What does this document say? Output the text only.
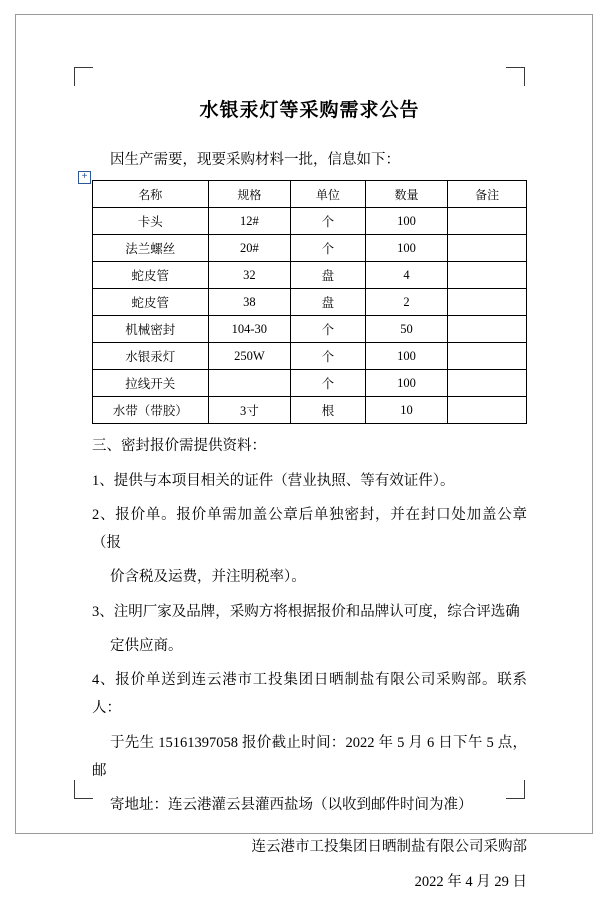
水银汞灯等采购需求公告

因生产需要，现要采购材料一批，信息如下：

+
名称	规格	单位	数量	备注
卡头	12#	个	100	
法兰螺丝	20#	个	100	
蛇皮管	32	盘	4	
蛇皮管	38	盘	2	
机械密封	104-30	个	50	
水银汞灯	250W	个	100	
拉线开关		个	100	
水带（带胶）	3寸	根	10	

三、密封报价需提供资料：

1、提供与本项目相关的证件（营业执照、等有效证件）。

2、报价单。报价单需加盖公章后单独密封，并在封口处加盖公章（报

价含税及运费，并注明税率）。

3、注明厂家及品牌，采购方将根据报价和品牌认可度，综合评选确

定供应商。

4、报价单送到连云港市工投集团日晒制盐有限公司采购部。联系人：

于先生 15161397058 报价截止时间：2022 年 5 月 6 日下午 5 点，邮

寄地址：连云港灌云县灌西盐场（以收到邮件时间为准）

连云港市工投集团日晒制盐有限公司采购部

2022 年 4 月 29 日
